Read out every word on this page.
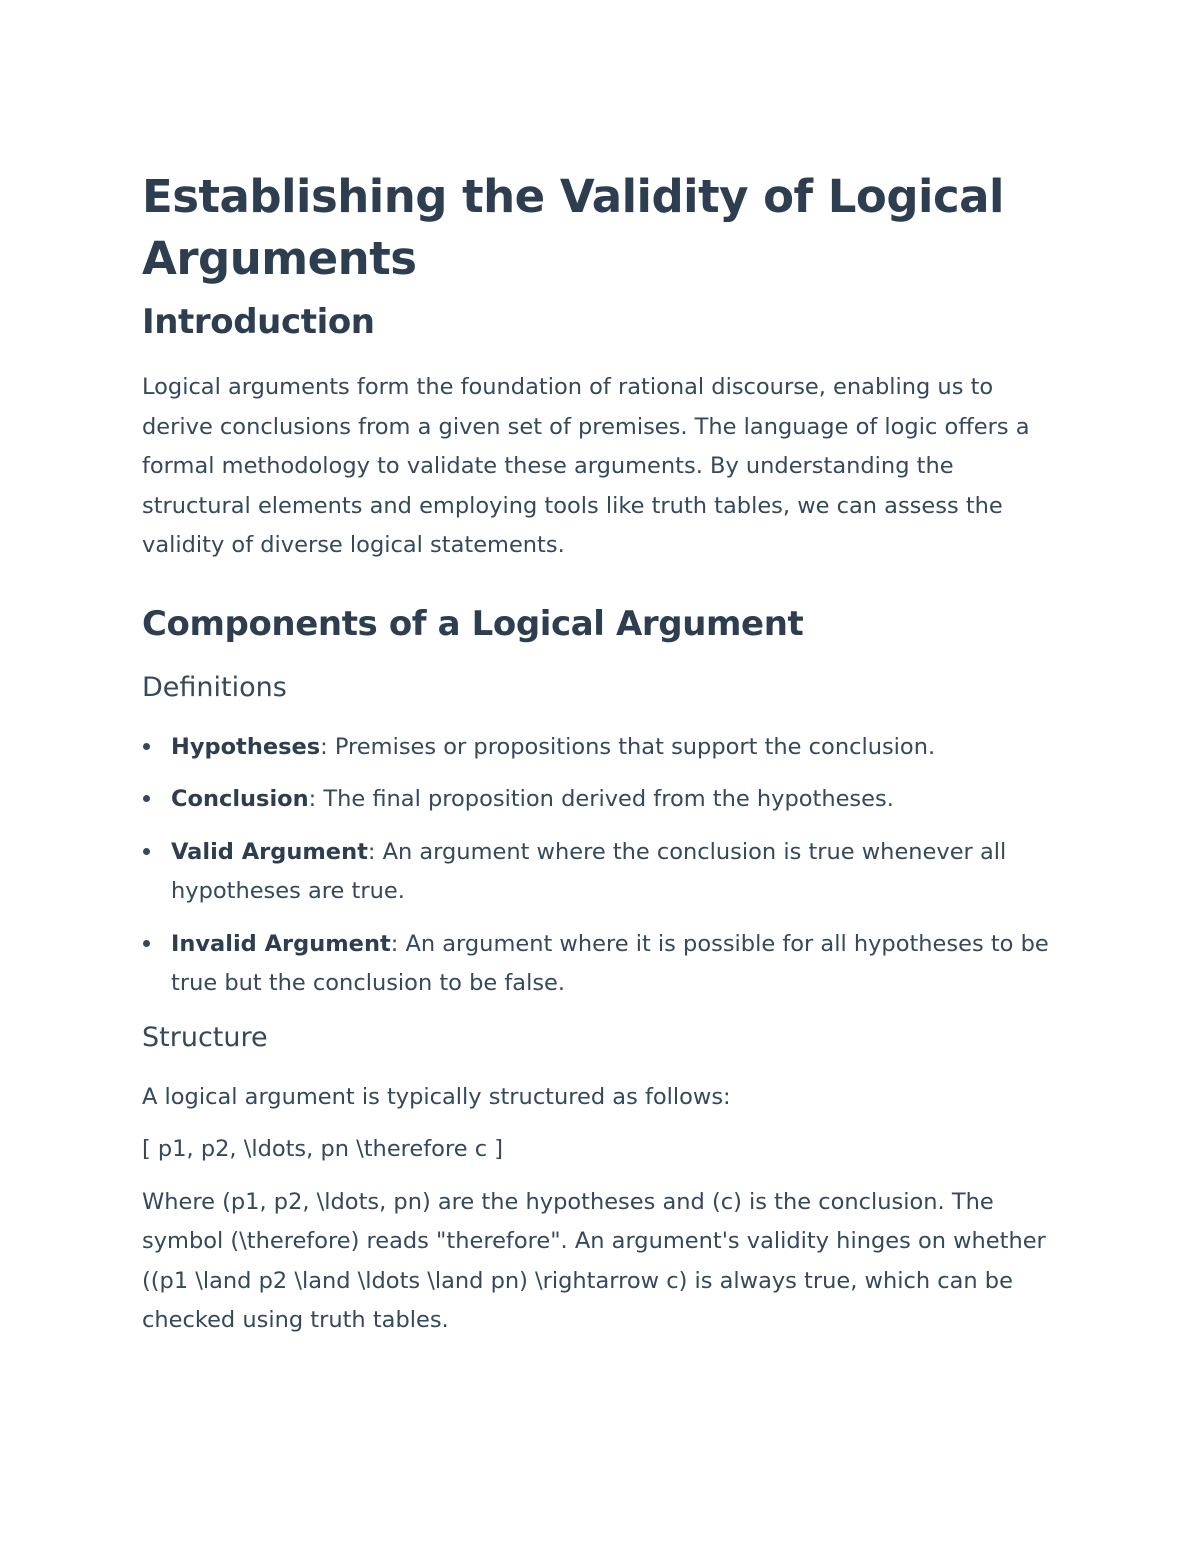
Establishing the Validity of Logical Arguments
Introduction

Logical arguments form the foundation of rational discourse, enabling us to derive conclusions from a given set of premises. The language of logic offers a formal methodology to validate these arguments. By understanding the structural elements and employing tools like truth tables, we can assess the validity of diverse logical statements.

Components of a Logical Argument
Definitions
Hypotheses: Premises or propositions that support the conclusion.
Conclusion: The final proposition derived from the hypotheses.
Valid Argument: An argument where the conclusion is true whenever all hypotheses are true.
Invalid Argument: An argument where it is possible for all hypotheses to be true but the conclusion to be false.
Structure

A logical argument is typically structured as follows:

[ p1, p2, \ldots, pn \therefore c ]

Where (p1, p2, \ldots, pn) are the hypotheses and (c) is the conclusion. The symbol (\therefore) reads "therefore". An argument's validity hinges on whether ((p1 \land p2 \land \ldots \land pn) \rightarrow c) is always true, which can be checked using truth tables.
